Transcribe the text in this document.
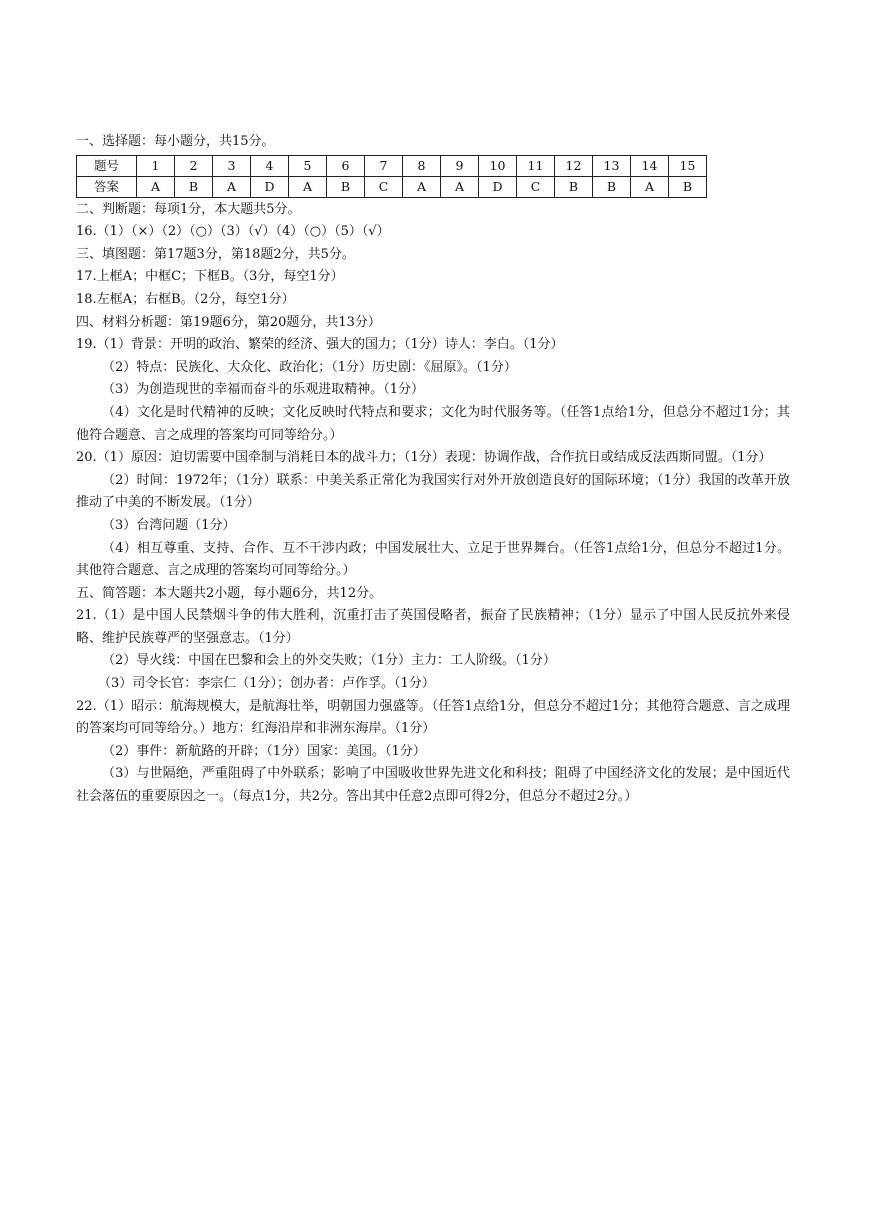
一、选择题：每小题分，共15分。
题号	1	2	3	4	5	6	7	8	9	10	11	12	13	14	15
答案	A	B	A	D	A	B	C	A	A	D	C	B	B	A	B
二、判断题：每项1分，本大题共5分。
16.（1）（×）（2）（○）（3）（√）（4）（○）（5）（√）
三、填图题：第17题3分，第18题2分，共5分。
17.上框A；中框C；下框B。（3分，每空1分）
18.左框A；右框B。（2分，每空1分）
四、材料分析题：第19题6分，第20题分，共13分）
19.（1）背景：开明的政治、繁荣的经济、强大的国力；（1分）诗人：李白。（1分）
（2）特点：民族化、大众化、政治化；（1分）历史剧：《屈原》。（1分）
（3）为创造现世的幸福而奋斗的乐观进取精神。（1分）
（4）文化是时代精神的反映；文化反映时代特点和要求；文化为时代服务等。（任答1点给1分，但总分不超过1分；其他符合题意、言之成理的答案均可同等给分。）
20.（1）原因：迫切需要中国牵制与消耗日本的战斗力；（1分）表现：协调作战，合作抗日或结成反法西斯同盟。（1分）
（2）时间：1972年；（1分）联系：中美关系正常化为我国实行对外开放创造良好的国际环境；（1分）我国的改革开放推动了中美的不断发展。（1分）
（3）台湾问题（1分）
（4）相互尊重、支持、合作、互不干涉内政；中国发展壮大、立足于世界舞台。（任答1点给1分，但总分不超过1分。其他符合题意、言之成理的答案均可同等给分。）
五、简答题：本大题共2小题，每小题6分，共12分。
21.（1）是中国人民禁烟斗争的伟大胜利，沉重打击了英国侵略者，振奋了民族精神；（1分）显示了中国人民反抗外来侵略、维护民族尊严的坚强意志。（1分）
（2）导火线：中国在巴黎和会上的外交失败；（1分）主力：工人阶级。（1分）
（3）司令长官：李宗仁（1分）；创办者：卢作孚。（1分）
22.（1）昭示：航海规模大，是航海壮举，明朝国力强盛等。（任答1点给1分，但总分不超过1分；其他符合题意、言之成理的答案均可同等给分。）地方：红海沿岸和非洲东海岸。（1分）
（2）事件：新航路的开辟；（1分）国家：美国。（1分）
（3）与世隔绝，严重阻碍了中外联系；影响了中国吸收世界先进文化和科技；阻碍了中国经济文化的发展；是中国近代社会落伍的重要原因之一。（每点1分，共2分。答出其中任意2点即可得2分，但总分不超过2分。）
